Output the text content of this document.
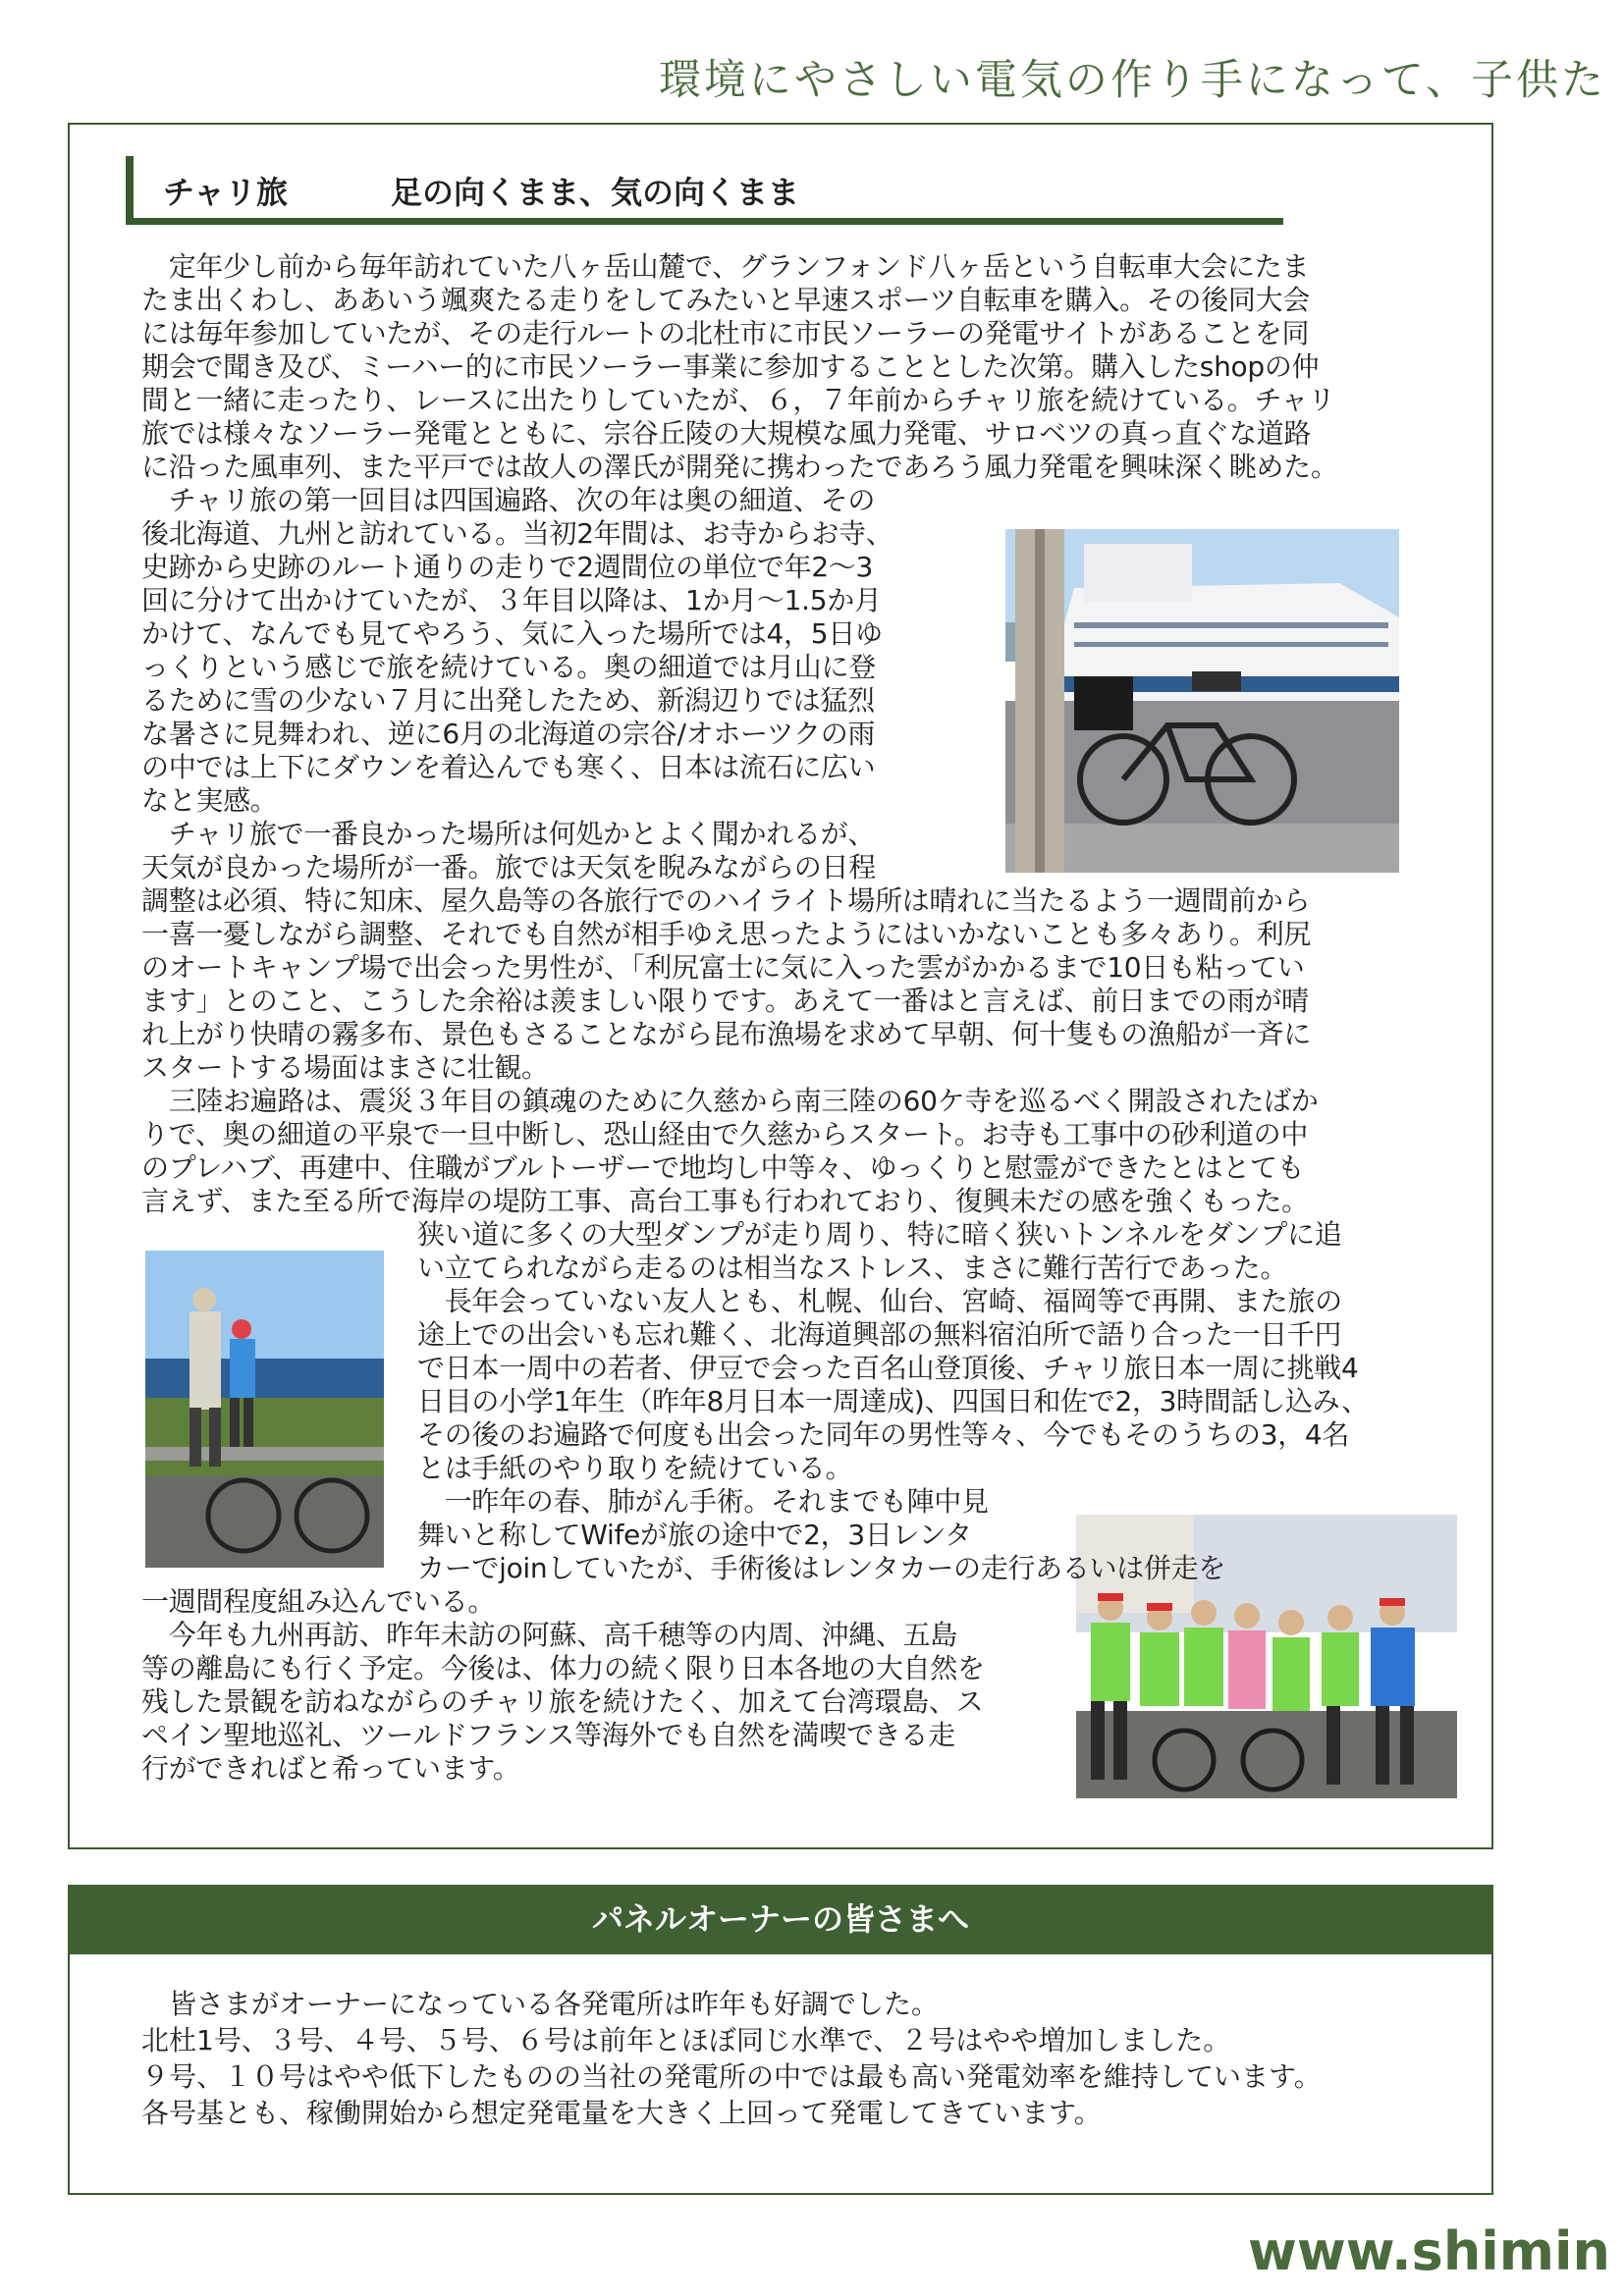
環境にやさしい電気の作り手になって、子供た
チャリ旅	足の向くまま、気の向くまま
　定年少し前から毎年訪れていた八ヶ岳山麓で、グランフォンド八ヶ岳という自転車大会にたま
たま出くわし、ああいう颯爽たる走りをしてみたいと早速スポーツ自転車を購入。その後同大会
には毎年参加していたが、その走行ルートの北杜市に市民ソーラーの発電サイトがあることを同
期会で聞き及び、ミーハー的に市民ソーラー事業に参加することとした次第。購入したshopの仲
間と一緒に走ったり、レースに出たりしていたが、６，７年前からチャリ旅を続けている。チャリ
旅では様々なソーラー発電とともに、宗谷丘陵の大規模な風力発電、サロベツの真っ直ぐな道路
に沿った風車列、また平戸では故人の澤氏が開発に携わったであろう風力発電を興味深く眺めた。
　チャリ旅の第一回目は四国遍路、次の年は奥の細道、その
後北海道、九州と訪れている。当初2年間は、お寺からお寺、
史跡から史跡のルート通りの走りで2週間位の単位で年2～3
回に分けて出かけていたが、３年目以降は、1か月～1.5か月
かけて、なんでも見てやろう、気に入った場所では4，5日ゆ
っくりという感じで旅を続けている。奥の細道では月山に登
るために雪の少ない７月に出発したため、新潟辺りでは猛烈
な暑さに見舞われ、逆に6月の北海道の宗谷/オホーツクの雨
の中では上下にダウンを着込んでも寒く、日本は流石に広い
なと実感。
　チャリ旅で一番良かった場所は何処かとよく聞かれるが、
天気が良かった場所が一番。旅では天気を睨みながらの日程
調整は必須、特に知床、屋久島等の各旅行でのハイライト場所は晴れに当たるよう一週間前から
一喜一憂しながら調整、それでも自然が相手ゆえ思ったようにはいかないことも多々あり。利尻
のオートキャンプ場で出会った男性が、「利尻富士に気に入った雲がかかるまで10日も粘ってい
ます」とのこと、こうした余裕は羨ましい限りです。あえて一番はと言えば、前日までの雨が晴
れ上がり快晴の霧多布、景色もさることながら昆布漁場を求めて早朝、何十隻もの漁船が一斉に
スタートする場面はまさに壮観。
　三陸お遍路は、震災３年目の鎮魂のために久慈から南三陸の60ケ寺を巡るべく開設されたばか
りで、奥の細道の平泉で一旦中断し、恐山経由で久慈からスタート。お寺も工事中の砂利道の中
のプレハブ、再建中、住職がブルトーザーで地均し中等々、ゆっくりと慰霊ができたとはとても
言えず、また至る所で海岸の堤防工事、高台工事も行われており、復興未だの感を強くもった。
狭い道に多くの大型ダンプが走り周り、特に暗く狭いトンネルをダンプに追
い立てられながら走るのは相当なストレス、まさに難行苦行であった。
　長年会っていない友人とも、札幌、仙台、宮崎、福岡等で再開、また旅の
途上での出会いも忘れ難く、北海道興部の無料宿泊所で語り合った一日千円
で日本一周中の若者、伊豆で会った百名山登頂後、チャリ旅日本一周に挑戦4
日目の小学1年生（昨年8月日本一周達成)、四国日和佐で2，3時間話し込み、
その後のお遍路で何度も出会った同年の男性等々、今でもそのうちの3，4名
とは手紙のやり取りを続けている。
　一昨年の春、肺がん手術。それまでも陣中見
舞いと称してWifeが旅の途中で2，3日レンタ
カーでjoinしていたが、手術後はレンタカーの走行あるいは併走を
一週間程度組み込んでいる。
　今年も九州再訪、昨年未訪の阿蘇、高千穂等の内周、沖縄、五島
等の離島にも行く予定。今後は、体力の続く限り日本各地の大自然を
残した景観を訪ねながらのチャリ旅を続けたく、加えて台湾環島、ス
ペイン聖地巡礼、ツールドフランス等海外でも自然を満喫できる走
行ができればと希っています。
パネルオーナーの皆さまへ
　皆さまがオーナーになっている各発電所は昨年も好調でした。
北杜1号、３号、４号、５号、６号は前年とほぼ同じ水準で、２号はやや増加しました。
９号、１０号はやや低下したものの当社の発電所の中では最も高い発電効率を維持しています。
各号基とも、稼働開始から想定発電量を大きく上回って発電してきています。
www.shimin
